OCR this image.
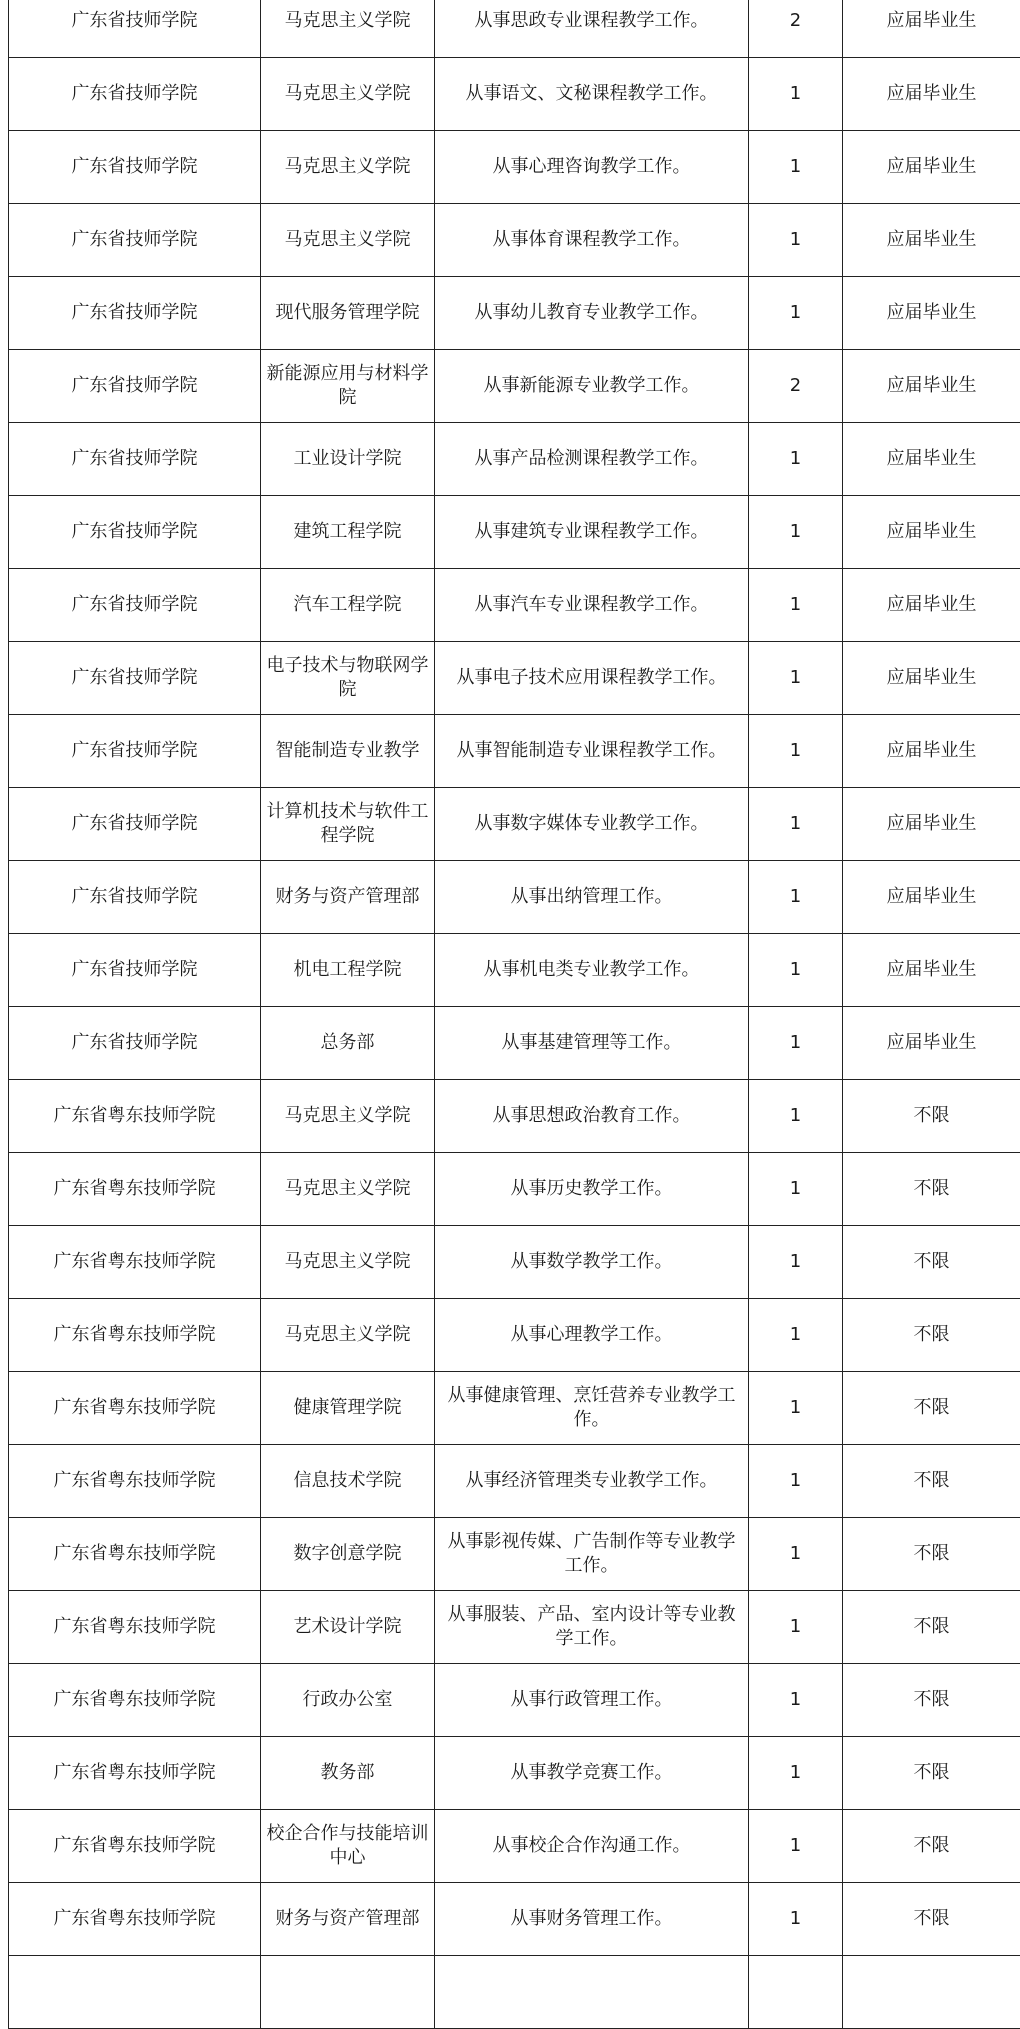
广东省技师学院	马克思主义学院	从事思政专业课程教学工作。	2	应届毕业生
广东省技师学院	马克思主义学院	从事语文、文秘课程教学工作。	1	应届毕业生
广东省技师学院	马克思主义学院	从事心理咨询教学工作。	1	应届毕业生
广东省技师学院	马克思主义学院	从事体育课程教学工作。	1	应届毕业生
广东省技师学院	现代服务管理学院	从事幼儿教育专业教学工作。	1	应届毕业生
广东省技师学院	新能源应用与材料学院	从事新能源专业教学工作。	2	应届毕业生
广东省技师学院	工业设计学院	从事产品检测课程教学工作。	1	应届毕业生
广东省技师学院	建筑工程学院	从事建筑专业课程教学工作。	1	应届毕业生
广东省技师学院	汽车工程学院	从事汽车专业课程教学工作。	1	应届毕业生
广东省技师学院	电子技术与物联网学院	从事电子技术应用课程教学工作。	1	应届毕业生
广东省技师学院	智能制造专业教学	从事智能制造专业课程教学工作。	1	应届毕业生
广东省技师学院	计算机技术与软件工程学院	从事数字媒体专业教学工作。	1	应届毕业生
广东省技师学院	财务与资产管理部	从事出纳管理工作。	1	应届毕业生
广东省技师学院	机电工程学院	从事机电类专业教学工作。	1	应届毕业生
广东省技师学院	总务部	从事基建管理等工作。	1	应届毕业生
广东省粤东技师学院	马克思主义学院	从事思想政治教育工作。	1	不限
广东省粤东技师学院	马克思主义学院	从事历史教学工作。	1	不限
广东省粤东技师学院	马克思主义学院	从事数学教学工作。	1	不限
广东省粤东技师学院	马克思主义学院	从事心理教学工作。	1	不限
广东省粤东技师学院	健康管理学院	从事健康管理、烹饪营养专业教学工作。	1	不限
广东省粤东技师学院	信息技术学院	从事经济管理类专业教学工作。	1	不限
广东省粤东技师学院	数字创意学院	从事影视传媒、广告制作等专业教学工作。	1	不限
广东省粤东技师学院	艺术设计学院	从事服装、产品、室内设计等专业教学工作。	1	不限
广东省粤东技师学院	行政办公室	从事行政管理工作。	1	不限
广东省粤东技师学院	教务部	从事教学竞赛工作。	1	不限
广东省粤东技师学院	校企合作与技能培训中心	从事校企合作沟通工作。	1	不限
广东省粤东技师学院	财务与资产管理部	从事财务管理工作。	1	不限
